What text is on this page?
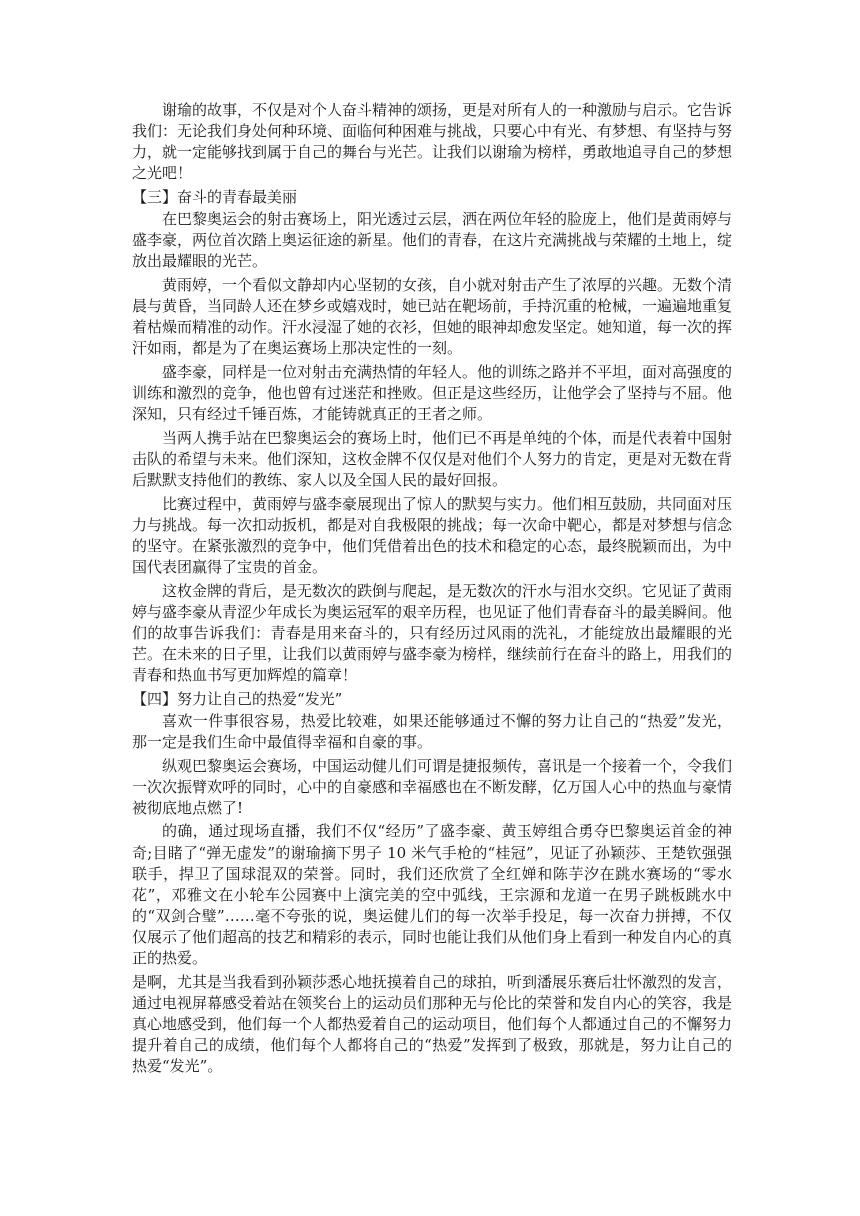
谢瑜的故事，不仅是对个人奋斗精神的颂扬，更是对所有人的一种激励与启示。它告诉我们：无论我们身处何种环境、面临何种困难与挑战，只要心中有光、有梦想、有坚持与努力，就一定能够找到属于自己的舞台与光芒。让我们以谢瑜为榜样，勇敢地追寻自己的梦想之光吧！

【三】奋斗的青春最美丽

在巴黎奥运会的射击赛场上，阳光透过云层，洒在两位年轻的脸庞上，他们是黄雨婷与盛李豪，两位首次踏上奥运征途的新星。他们的青春，在这片充满挑战与荣耀的土地上，绽放出最耀眼的光芒。

黄雨婷，一个看似文静却内心坚韧的女孩，自小就对射击产生了浓厚的兴趣。无数个清晨与黄昏，当同龄人还在梦乡或嬉戏时，她已站在靶场前，手持沉重的枪械，一遍遍地重复着枯燥而精准的动作。汗水浸湿了她的衣衫，但她的眼神却愈发坚定。她知道，每一次的挥汗如雨，都是为了在奥运赛场上那决定性的一刻。

盛李豪，同样是一位对射击充满热情的年轻人。他的训练之路并不平坦，面对高强度的训练和激烈的竞争，他也曾有过迷茫和挫败。但正是这些经历，让他学会了坚持与不屈。他深知，只有经过千锤百炼，才能铸就真正的王者之师。

当两人携手站在巴黎奥运会的赛场上时，他们已不再是单纯的个体，而是代表着中国射击队的希望与未来。他们深知，这枚金牌不仅仅是对他们个人努力的肯定，更是对无数在背后默默支持他们的教练、家人以及全国人民的最好回报。

比赛过程中，黄雨婷与盛李豪展现出了惊人的默契与实力。他们相互鼓励，共同面对压力与挑战。每一次扣动扳机，都是对自我极限的挑战；每一次命中靶心，都是对梦想与信念的坚守。在紧张激烈的竞争中，他们凭借着出色的技术和稳定的心态，最终脱颖而出，为中国代表团赢得了宝贵的首金。

这枚金牌的背后，是无数次的跌倒与爬起，是无数次的汗水与泪水交织。它见证了黄雨婷与盛李豪从青涩少年成长为奥运冠军的艰辛历程，也见证了他们青春奋斗的最美瞬间。他们的故事告诉我们：青春是用来奋斗的，只有经历过风雨的洗礼，才能绽放出最耀眼的光芒。在未来的日子里，让我们以黄雨婷与盛李豪为榜样，继续前行在奋斗的路上，用我们的青春和热血书写更加辉煌的篇章！

【四】努力让自己的热爱“发光”

喜欢一件事很容易，热爱比较难，如果还能够通过不懈的努力让自己的“热爱”发光，那一定是我们生命中最值得幸福和自豪的事。

纵观巴黎奥运会赛场，中国运动健儿们可谓是捷报频传，喜讯是一个接着一个，令我们一次次振臂欢呼的同时，心中的自豪感和幸福感也在不断发酵，亿万国人心中的热血与豪情被彻底地点燃了!

的确，通过现场直播，我们不仅“经历”了盛李豪、黄玉婷组合勇夺巴黎奥运首金的神奇;目睹了“弹无虚发”的谢瑜摘下男子 10 米气手枪的“桂冠”，见证了孙颖莎、王楚钦强强联手，捍卫了国球混双的荣誉。同时，我们还欣赏了全红婵和陈芋汐在跳水赛场的“零水花”，邓雅文在小轮车公园赛中上演完美的空中弧线，王宗源和龙道一在男子跳板跳水中的“双剑合璧”……毫不夸张的说，奥运健儿们的每一次举手投足，每一次奋力拼搏，不仅仅展示了他们超高的技艺和精彩的表示，同时也能让我们从他们身上看到一种发自内心的真正的热爱。

是啊，尤其是当我看到孙颖莎悉心地抚摸着自己的球拍，听到潘展乐赛后壮怀激烈的发言，通过电视屏幕感受着站在领奖台上的运动员们那种无与伦比的荣誉和发自内心的笑容，我是真心地感受到，他们每一个人都热爱着自己的运动项目，他们每个人都通过自己的不懈努力提升着自己的成绩，他们每个人都将自己的“热爱”发挥到了极致，那就是，努力让自己的热爱“发光”。
